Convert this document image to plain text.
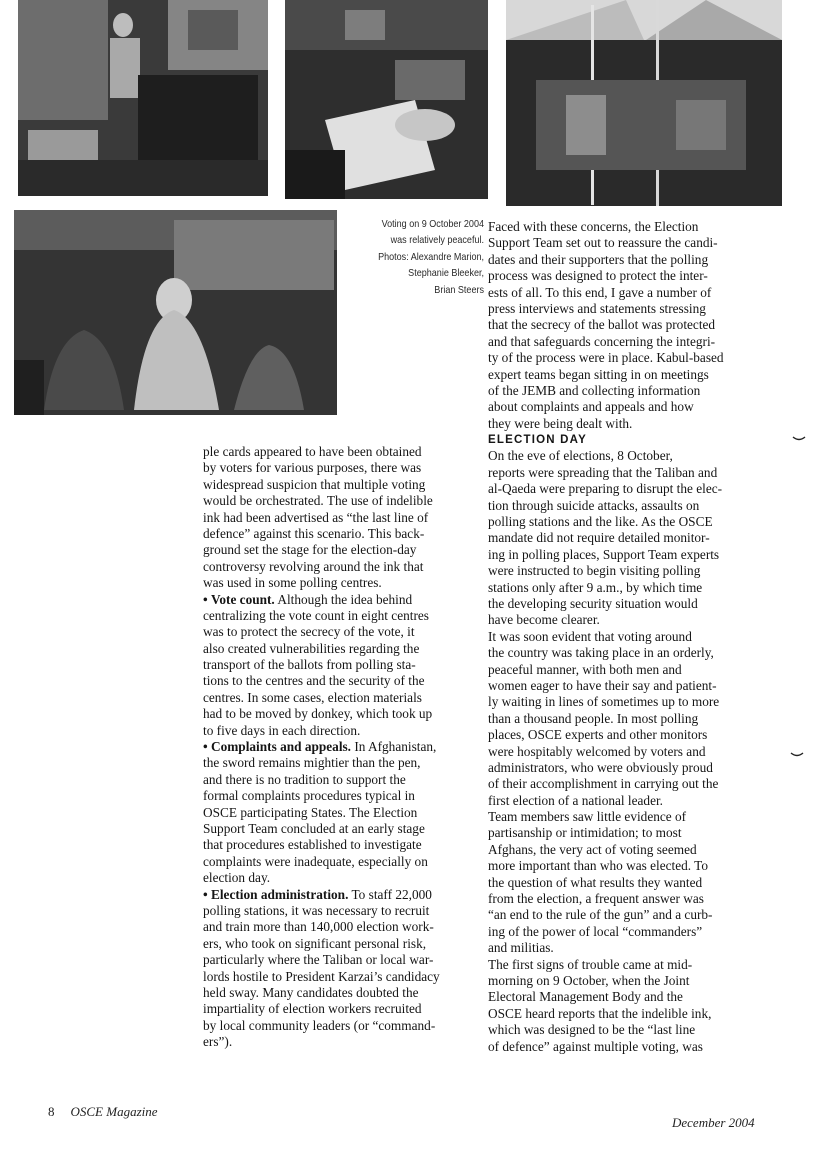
Voting on 9 October 2004
was relatively peaceful.
Photos: Alexandre Marion,
Stephanie Bleeker,
Brian Steers
ple cards appeared to have been obtained
by voters for various purposes, there was
widespread suspicion that multiple voting
would be orchestrated. The use of indelible
ink had been advertised as “the last line of
defence” against this scenario. This back-
ground set the stage for the election-day
controversy revolving around the ink that
was used in some polling centres.
• Vote count. Although the idea behind
centralizing the vote count in eight centres
was to protect the secrecy of the vote, it
also created vulnerabilities regarding the
transport of the ballots from polling sta-
tions to the centres and the security of the
centres. In some cases, election materials
had to be moved by donkey, which took up
to five days in each direction.
• Complaints and appeals. In Afghanistan,
the sword remains mightier than the pen,
and there is no tradition to support the
formal complaints procedures typical in
OSCE participating States. The Election
Support Team concluded at an early stage
that procedures established to investigate
complaints were inadequate, especially on
election day.
• Election administration. To staff 22,000
polling stations, it was necessary to recruit
and train more than 140,000 election work-
ers, who took on significant personal risk,
particularly where the Taliban or local war-
lords hostile to President Karzai’s candidacy
held sway. Many candidates doubted the
impartiality of election workers recruited
by local community leaders (or “command-
ers”).
Faced with these concerns, the Election
Support Team set out to reassure the candi-
dates and their supporters that the polling
process was designed to protect the inter-
ests of all. To this end, I gave a number of
press interviews and statements stressing
that the secrecy of the ballot was protected
and that safeguards concerning the integri-
ty of the process were in place. Kabul-based
expert teams began sitting in on meetings
of the JEMB and collecting information
about complaints and appeals and how
they were being dealt with.
ELECTION DAY
On the eve of elections, 8 October,
reports were spreading that the Taliban and
al-Qaeda were preparing to disrupt the elec-
tion through suicide attacks, assaults on
polling stations and the like. As the OSCE
mandate did not require detailed monitor-
ing in polling places, Support Team experts
were instructed to begin visiting polling
stations only after 9 a.m., by which time
the developing security situation would
have become clearer.
It was soon evident that voting around
the country was taking place in an orderly,
peaceful manner, with both men and
women eager to have their say and patient-
ly waiting in lines of sometimes up to more
than a thousand people. In most polling
places, OSCE experts and other monitors
were hospitably welcomed by voters and
administrators, who were obviously proud
of their accomplishment in carrying out the
first election of a national leader.
Team members saw little evidence of
partisanship or intimidation; to most
Afghans, the very act of voting seemed
more important than who was elected. To
the question of what results they wanted
from the election, a frequent answer was
“an end to the rule of the gun” and a curb-
ing of the power of local “commanders”
and militias.
The first signs of trouble came at mid-
morning on 9 October, when the Joint
Electoral Management Body and the
OSCE heard reports that the indelible ink,
which was designed to be the “last line
of defence” against multiple voting, was
8 OSCE Magazine
December 2004
